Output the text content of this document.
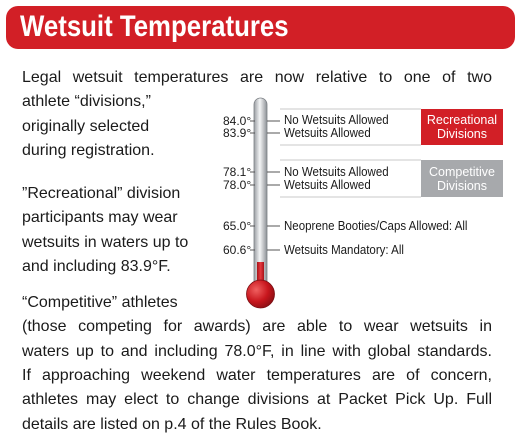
Wetsuit Temperatures
Legal wetsuit temperatures are now relative to one of two
athlete “divisions,”
originally selected
during registration.
”Recreational” division
participants may wear
wetsuits in waters up to
and including 83.9°F.
“Competitive” athletes
(those competing for awards) are able to wear wetsuits in
waters up to and including 78.0°F, in line with global standards.
If approaching weekend water temperatures are of concern,
athletes may elect to change divisions at Packet Pick Up. Full
details are listed on p.4 of the Rules Book.
84.0°
83.9°
78.1°
78.0°
65.0°
60.6°
No Wetsuits Allowed
Wetsuits Allowed
No Wetsuits Allowed
Wetsuits Allowed
Neoprene Booties/Caps Allowed: All
Wetsuits Mandatory: All
Recreational
Divisions
Competitive
Divisions
